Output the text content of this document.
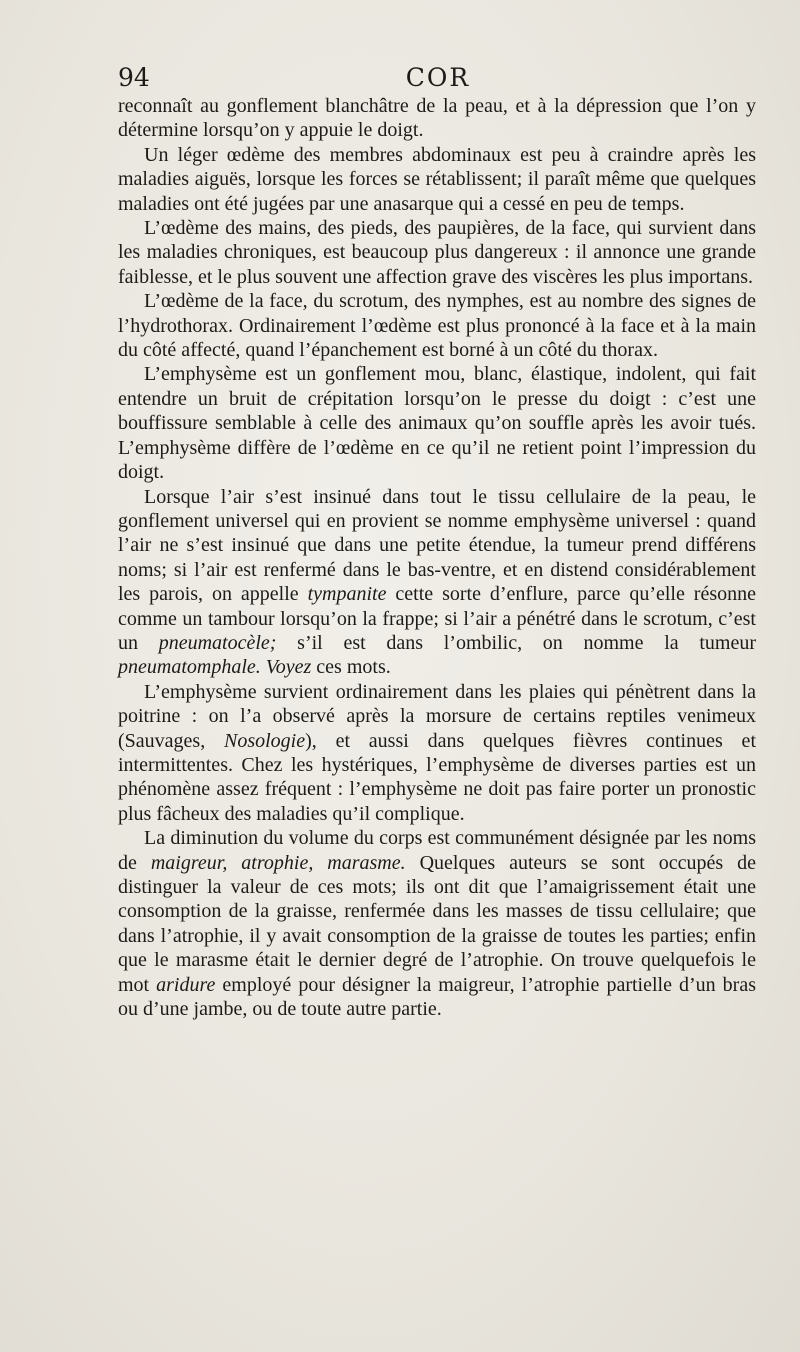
94	COR

reconnaît au gonflement blanchâtre de la peau, et à la dépression que l’on y détermine lorsqu’on y appuie le doigt.

Un léger œdème des membres abdominaux est peu à craindre après les maladies aiguës, lorsque les forces se rétablissent; il paraît même que quelques maladies ont été jugées par une anasarque qui a cessé en peu de temps.

L’œdème des mains, des pieds, des paupières, de la face, qui survient dans les maladies chroniques, est beaucoup plus dangereux : il annonce une grande faiblesse, et le plus souvent une affection grave des viscères les plus importans.

L’œdème de la face, du scrotum, des nymphes, est au nombre des signes de l’hydrothorax. Ordinairement l’œdème est plus prononcé à la face et à la main du côté affecté, quand l’épanchement est borné à un côté du thorax.

L’emphysème est un gonflement mou, blanc, élastique, indolent, qui fait entendre un bruit de crépitation lorsqu’on le presse du doigt : c’est une bouffissure semblable à celle des animaux qu’on souffle après les avoir tués. L’emphysème diffère de l’œdème en ce qu’il ne retient point l’impression du doigt.

Lorsque l’air s’est insinué dans tout le tissu cellulaire de la peau, le gonflement universel qui en provient se nomme emphysème universel : quand l’air ne s’est insinué que dans une petite étendue, la tumeur prend différens noms; si l’air est renfermé dans le bas-ventre, et en distend considérablement les parois, on appelle tympanite cette sorte d’enflure, parce qu’elle résonne comme un tambour lorsqu’on la frappe; si l’air a pénétré dans le scrotum, c’est un pneumatocèle; s’il est dans l’ombilic, on nomme la tumeur pneumatomphale. Voyez ces mots.

L’emphysème survient ordinairement dans les plaies qui pénètrent dans la poitrine : on l’a observé après la morsure de certains reptiles venimeux (Sauvages, Nosologie), et aussi dans quelques fièvres continues et intermittentes. Chez les hystériques, l’emphysème de diverses parties est un phénomène assez fréquent : l’emphysème ne doit pas faire porter un pronostic plus fâcheux des maladies qu’il complique.

La diminution du volume du corps est communément désignée par les noms de maigreur, atrophie, marasme. Quelques auteurs se sont occupés de distinguer la valeur de ces mots; ils ont dit que l’amaigrissement était une consomption de la graisse, renfermée dans les masses de tissu cellulaire; que dans l’atrophie, il y avait consomption de la graisse de toutes les parties; enfin que le marasme était le dernier degré de l’atrophie. On trouve quelquefois le mot aridure employé pour désigner la maigreur, l’atrophie partielle d’un bras ou d’une jambe, ou de toute autre partie.
